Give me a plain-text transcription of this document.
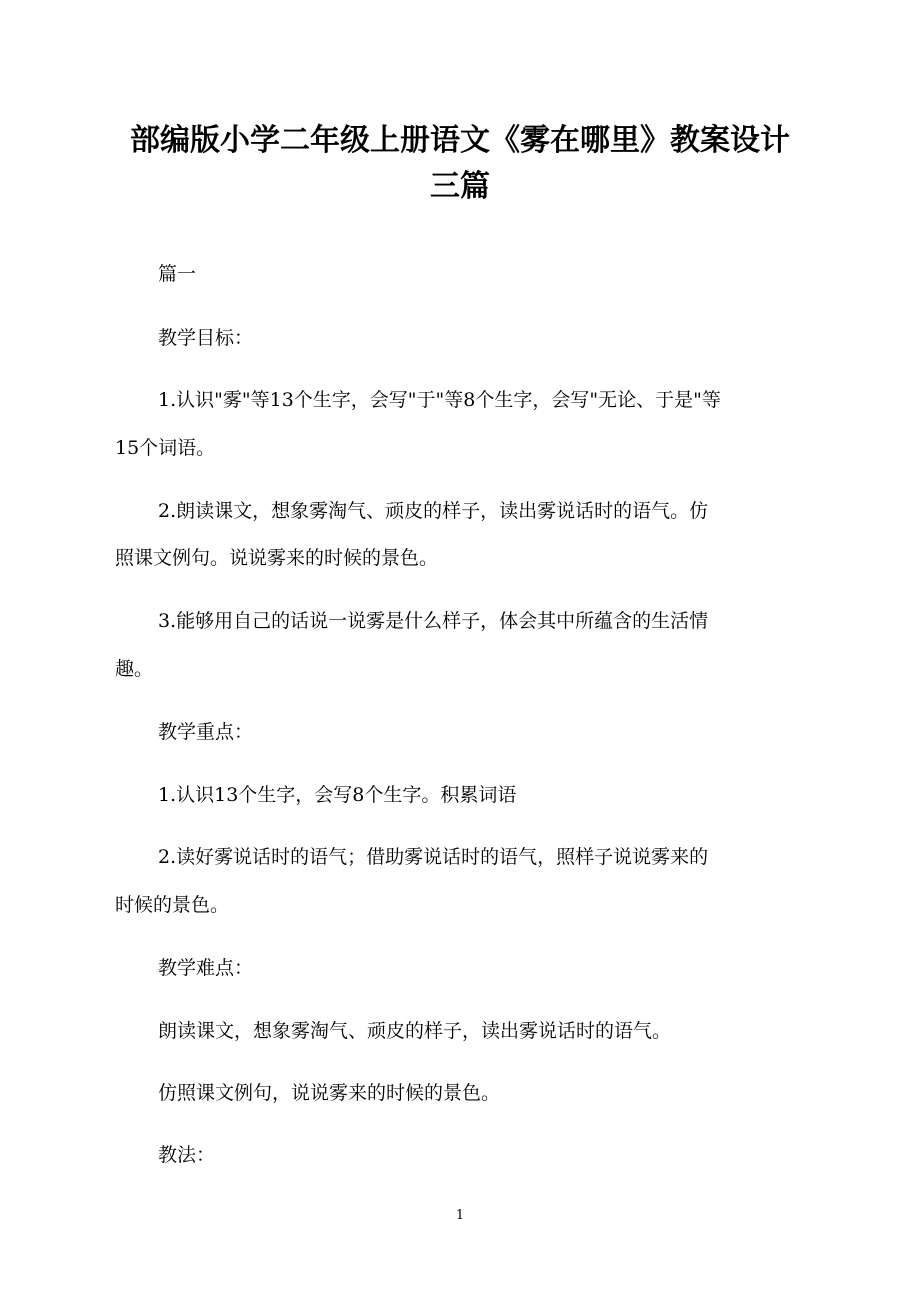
部编版小学二年级上册语文《雾在哪里》教案设计
三篇

篇一

教学目标：

1.认识"雾"等13个生字，会写"于"等8个生字，会写"无论、于是"等

15个词语。

2.朗读课文，想象雾淘气、顽皮的样子，读出雾说话时的语气。仿

照课文例句。说说雾来的时候的景色。

3.能够用自己的话说一说雾是什么样子，体会其中所蕴含的生活情

趣。

教学重点：

1.认识13个生字，会写8个生字。积累词语

2.读好雾说话时的语气；借助雾说话时的语气，照样子说说雾来的

时候的景色。

教学难点：

朗读课文，想象雾淘气、顽皮的样子，读出雾说话时的语气。

仿照课文例句，说说雾来的时候的景色。

教法：

1
